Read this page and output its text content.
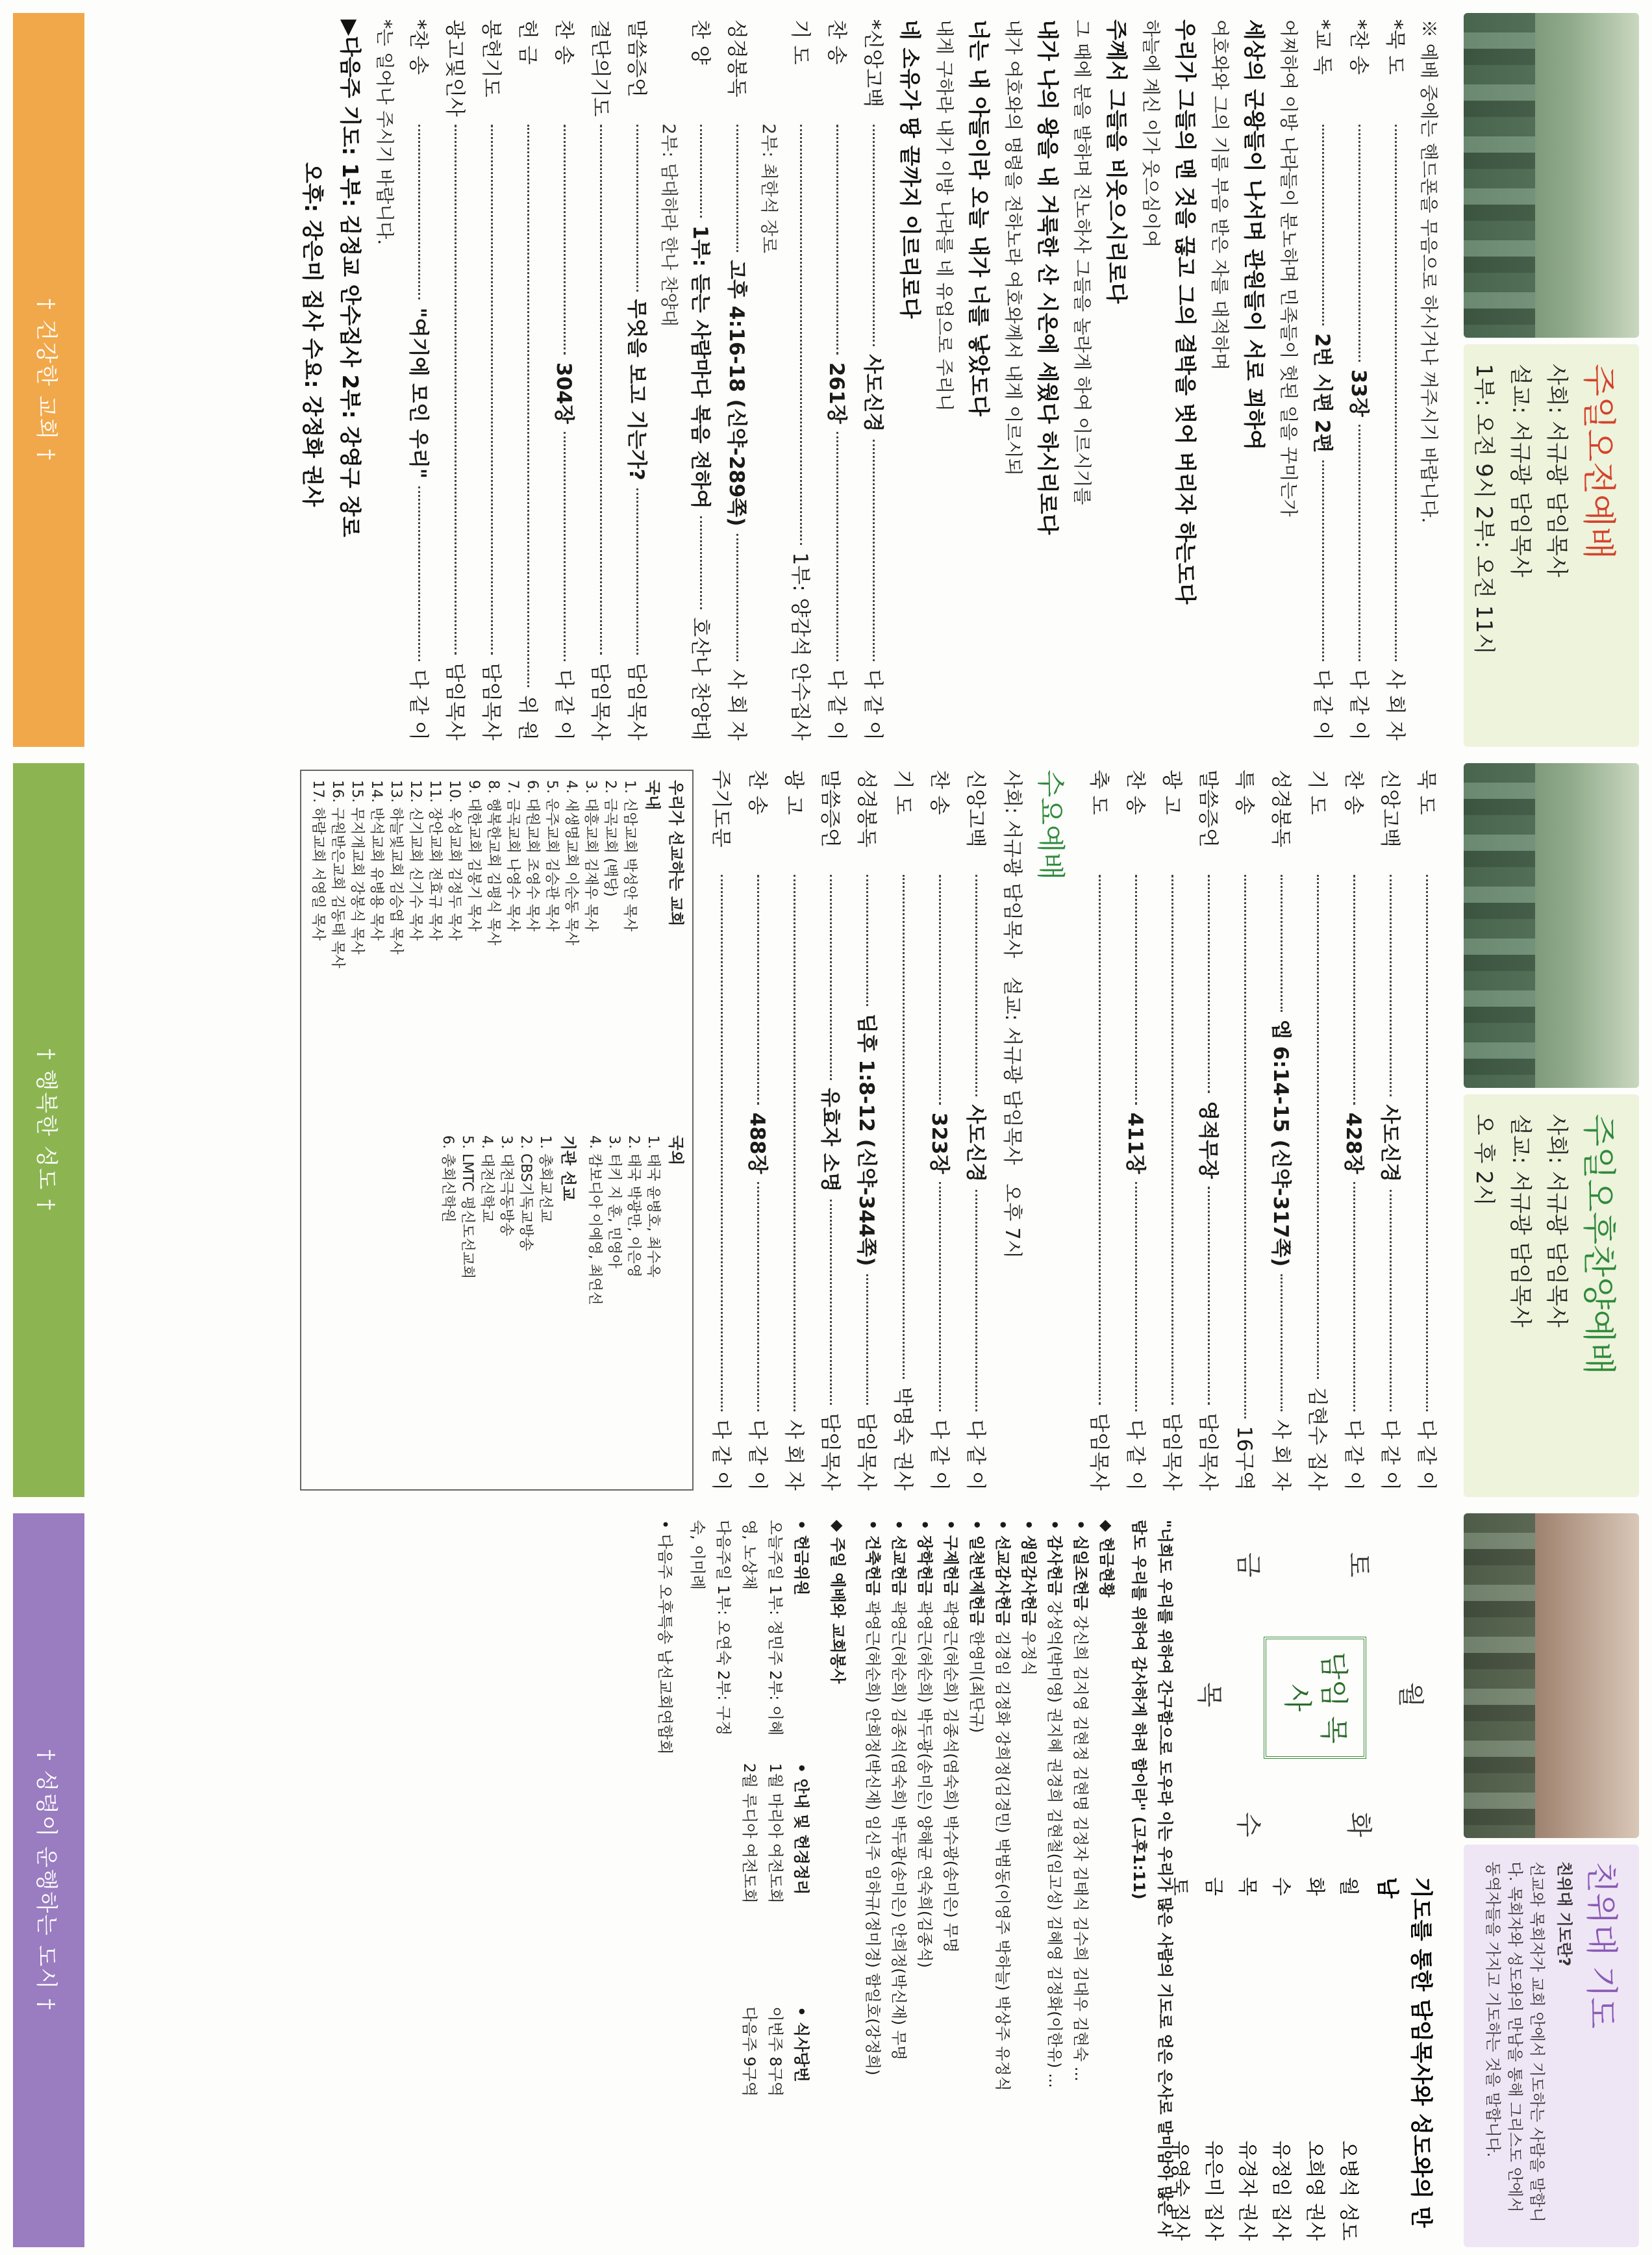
주일오전예배
사회: 서규광 담임목사
설교: 서규광 담임목사
1부: 오전 9시 2부: 오전 11시
※ 예배 중에는 핸드폰을 무음으로 하시거나 꺼주시기 바랍니다.
*묵 도
사 회 자
*찬 송
33장
다 같 이
*교 독
2번 시편 2편
다 같 이
어찌하여 이방 나라들이 분노하며 민족들이 헛된 일을 꾸미는가
세상의 군왕들이 나서며 관원들이 서로 꾀하여
여호와와 그의 기름 부음 받은 자를 대적하며
우리가 그들의 맨 것을 끊고 그의 결박을 벗어 버리자 하는도다
하늘에 계신 이가 웃으심이여
주께서 그들을 비웃으시리로다
그 때에 분을 발하며 진노하사 그들을 놀라게 하여 이르시기를
내가 나의 왕을 내 거룩한 산 시온에 세웠다 하시리로다
내가 여호와의 명령을 전하노라 여호와께서 내게 이르시되
너는 내 아들이라 오늘 내가 너를 낳았도다
내게 구하라 내가 이방 나라를 네 유업으로 주리니
네 소유가 땅 끝까지 이르리로다
*신앙고백
사도신경
다 같 이
찬 송
261장
다 같 이
기 도
1부: 양감석 안수집사
2부: 최한석 장로
성경봉독
고후 4:16-18 (신약-289쪽)
사 회 자
찬 양
1부: 듣는 사람마다 복음 전하여
호산나 찬양대
2부: 담대하라 한나 찬양대
말씀증언
무엇을 보고 기는가?
담임목사
결단의기도
담임목사
찬 송
304장
다 같 이
헌 금
위 원
봉헌기도
담임목사
광고및인사
담임목사
*찬 송
"여기에 모인 우리"
다 같 이
*는 일어나 주시기 바랍니다.
▶다음주 기도: 1부: 김정교 안수집사 2부: 강영구 장로
오후: 강은미 집사 수요: 강정화 권사
† 건강한 교회 †
주일오후찬양예배
사회: 서규광 담임목사
설교: 서규광 담임목사
오 후 2시
묵 도
다 같 이
신앙고백
사도신경
다 같 이
찬 송
428장
다 같 이
기 도
김현수 집사
성경봉독
엡 6:14-15 (신약-317쪽)
사 회 자
특 송
16구역
말씀증언
영적무장
담임목사
광 고
담임목사
찬 송
411장
다 같 이
축 도
담임목사
수요예배
사회: 서규광 담임목사   설교: 서규광 담임목사   오후 7시
신앙고백
사도신경
다 같 이
찬 송
323장
다 같 이
기 도
박명숙 권사
성경봉독
딤후 1:8-12 (신약-344쪽)
담임목사
말씀증언
유효자 소명
담임목사
광 고
사 회 자
찬 송
488장
다 같 이
주기도문
다 같 이
우리가 선교하는 교회
국내
1. 신암교회 박성안 목사
2. 금곡교회 (백당)
3. 대흥교회 김재우 목사
4. 새생명교회 이순동 목사
5. 운주교회 김승관 목사
6. 대원교회 조영수 목사
7. 금곡교회 나영수 목사
8. 행복한교회 김평식 목사
9. 대한교회 김봉기 목사
10. 옥성교회 김정두 목사
11. 장안교회 전효규 목사
12. 신기교회 신기수 목사
13. 하늘빛교회 김승엽 목사
14. 반석교회 유병용 목사
15. 무지개교회 강봉식 목사
16. 구원받은교회 김동태 목사
17. 하람교회 서영일 목사
국외
1. 태국 윤병호, 최수옥
2. 태국 박광만, 이은영
3. 터키 지 훈, 민영아
4. 캄보디아 이예영, 최연선
기관 선교
1. 총회교선교
2. CBS기독교방송
3. 대전극동방송
4. 대전신학교
5. LMTC 평신도선교회
6. 총회신학원
† 행복한 성도 †
친위대 기도
친위대 기도란?
선교와 목회자가 교회 안에서 기도하는 사람을 말합니다. 목회자와 성도와의 만남을 통해 그리스도 안에서 동역자들을 가지고 기도하는 것을 말합니다.
월
화
수
목
금	토
담임 목사
기도를 통한 담임목사와 성도와의 만남
월
오병석 성도
화
오희영 권사
수
유정임 집사
목
유경자 권사
금
유은미 집사
토
유영숙 집사

"너희도 우리를 위하여 간구함으로 도우라 이는 우리가 많은 사람의 기도로 얻은 은사로 말미암아 많은 사람도 우리를 위하여 감사하게 하려 함이라" (고후1:11)

◆ 헌금현황

• 십일조헌금 강신희 김지영 김현정 김현명 김정자 김태식 김수희 김대우 김현숙 ...

• 감사헌금 강성억(박미영) 권지혜 권경희 김현철(임고성) 김혜영 김정화(이한유) ...

• 생일감사헌금 우정식

• 선교감사헌금 김경임 김정화 강희정(김경민) 박범동(이영주 박하늘) 박상주 유정식

• 일천번제헌금 한영미(최단규)

• 구제헌금 곽영근(허순희) 김종석(염숙희) 박수광(송미은) 무명

• 장학헌금 곽영근(허순희) 박두광(송미은) 양해균 연숙희(김종석)

• 선교헌금 곽영근(허순희) 김종석(염숙희) 박두광(송미은) 안희정(박신재) 무명

• 건축헌금 곽영근(허순희) 안희정(박신재) 임신주 임하규(정미경) 함일호(강정희)

◆ 주일 예배와 교회봉사

• 헌금위원

오늘주일 1부: 정민주 2부: 이혜영, 노상채

다음주일 1부: 오연숙 2부: 구정숙, 이미례

• 안내 및 헌경정리

1월 마리아 여전도회

2월 루디아 여전도회

• 식사당번

이번주 8구역

다음주 9구역

• 다음주 오후특송 남선교회연합회

† 성령이 운행하는 도시 †
